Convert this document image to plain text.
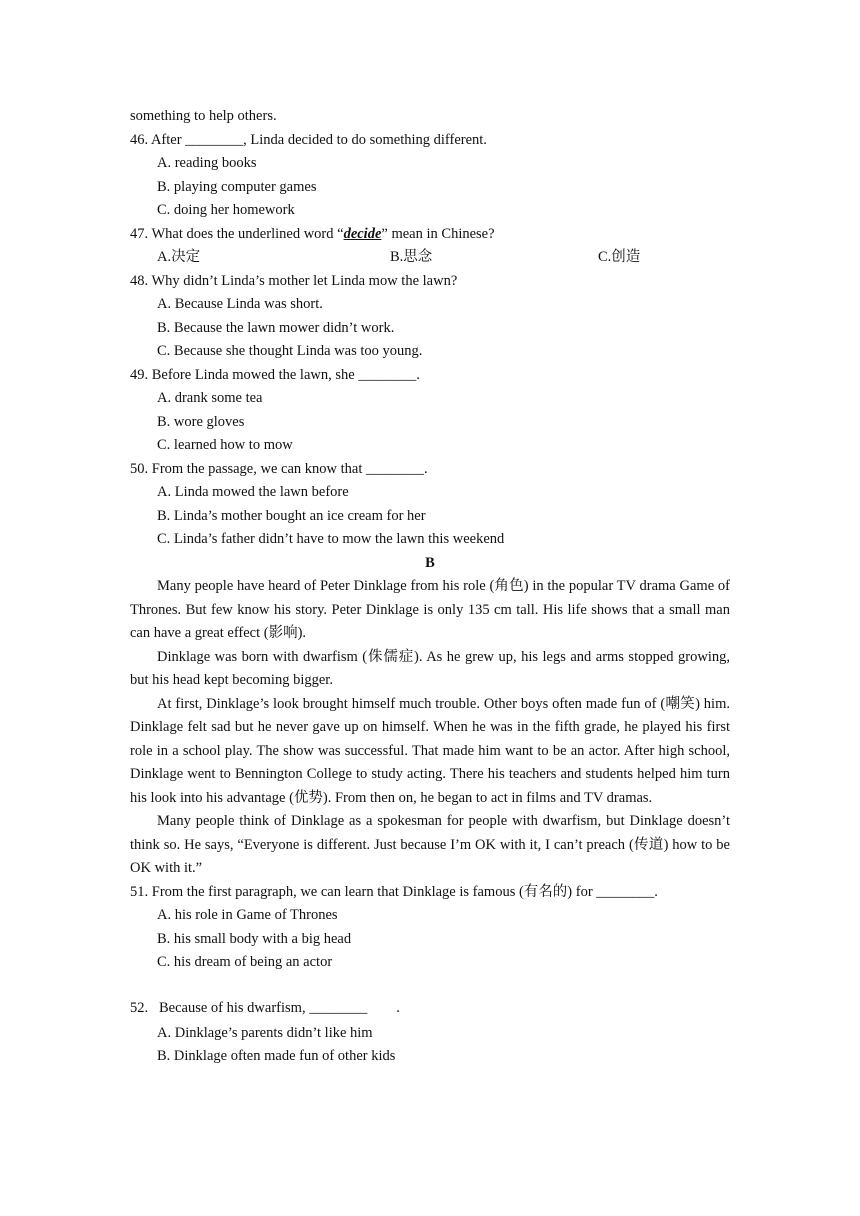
something to help others.
46. After ________, Linda decided to do something different.
A. reading books
B. playing computer games
C. doing her homework
47. What does the underlined word “decide” mean in Chinese?
A.决定	B.思念	C.创造
48. Why didn’t Linda’s mother let Linda mow the lawn?
A. Because Linda was short.
B. Because the lawn mower didn’t work.
C. Because she thought Linda was too young.
49. Before Linda mowed the lawn, she ________.
A. drank some tea
B. wore gloves
C. learned how to mow
50. From the passage, we can know that ________.
A. Linda mowed the lawn before
B. Linda’s mother bought an ice cream for her
C. Linda’s father didn’t have to mow the lawn this weekend
B

Many people have heard of Peter Dinklage from his role (角色) in the popular TV drama Game of Thrones. But few know his story. Peter Dinklage is only 135 cm tall. His life shows that a small man can have a great effect (影响).

Dinklage was born with dwarfism (侏儒症). As he grew up, his legs and arms stopped growing, but his head kept becoming bigger.

At first, Dinklage’s look brought himself much trouble. Other boys often made fun of (嘲笑) him. Dinklage felt sad but he never gave up on himself. When he was in the fifth grade, he played his first role in a school play. The show was successful. That made him want to be an actor. After high school, Dinklage went to Bennington College to study acting. There his teachers and students helped him turn his look into his advantage (优势). From then on, he began to act in films and TV dramas.

Many people think of Dinklage as a spokesman for people with dwarfism, but Dinklage doesn’t think so. He says, “Everyone is different. Just because I’m OK with it, I can’t preach (传道) how to be OK with it.”

51. From the first paragraph, we can learn that Dinklage is famous (有名的) for ________.
A. his role in Game of Thrones
B. his small body with a big head
C. his dream of being an actor
52.   Because of his dwarfism, ________        .
A. Dinklage’s parents didn’t like him
B. Dinklage often made fun of other kids
